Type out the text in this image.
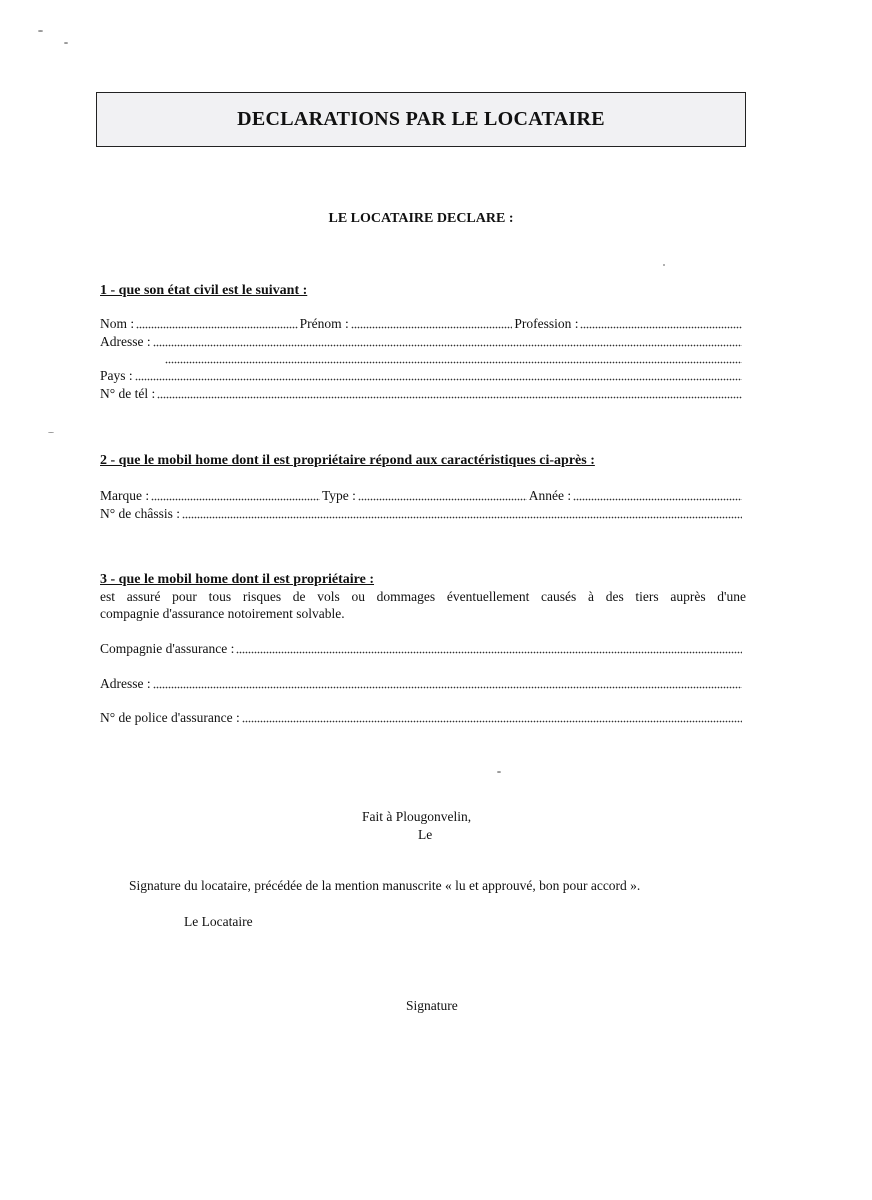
DECLARATIONS PAR LE LOCATAIRE
LE LOCATAIRE DECLARE :
1 - que son état civil est le suivant :
Nom :	Prénom :	Profession :
Adresse :
Pays :
N° de tél :
2 - que le mobil home dont il est propriétaire répond aux caractéristiques ci-après :
Marque :	Type :	Année :
N° de châssis :
3 - que le mobil home dont il est propriétaire :
est assuré pour tous risques de vols ou dommages éventuellement causés à des tiers auprès d'une
compagnie d'assurance notoirement solvable.
Compagnie d'assurance :
Adresse :
N° de police d'assurance :
Fait à Plougonvelin,
Le
Signature du locataire, précédée de la mention manuscrite « lu et approuvé, bon pour accord ».
Le Locataire
Signature
